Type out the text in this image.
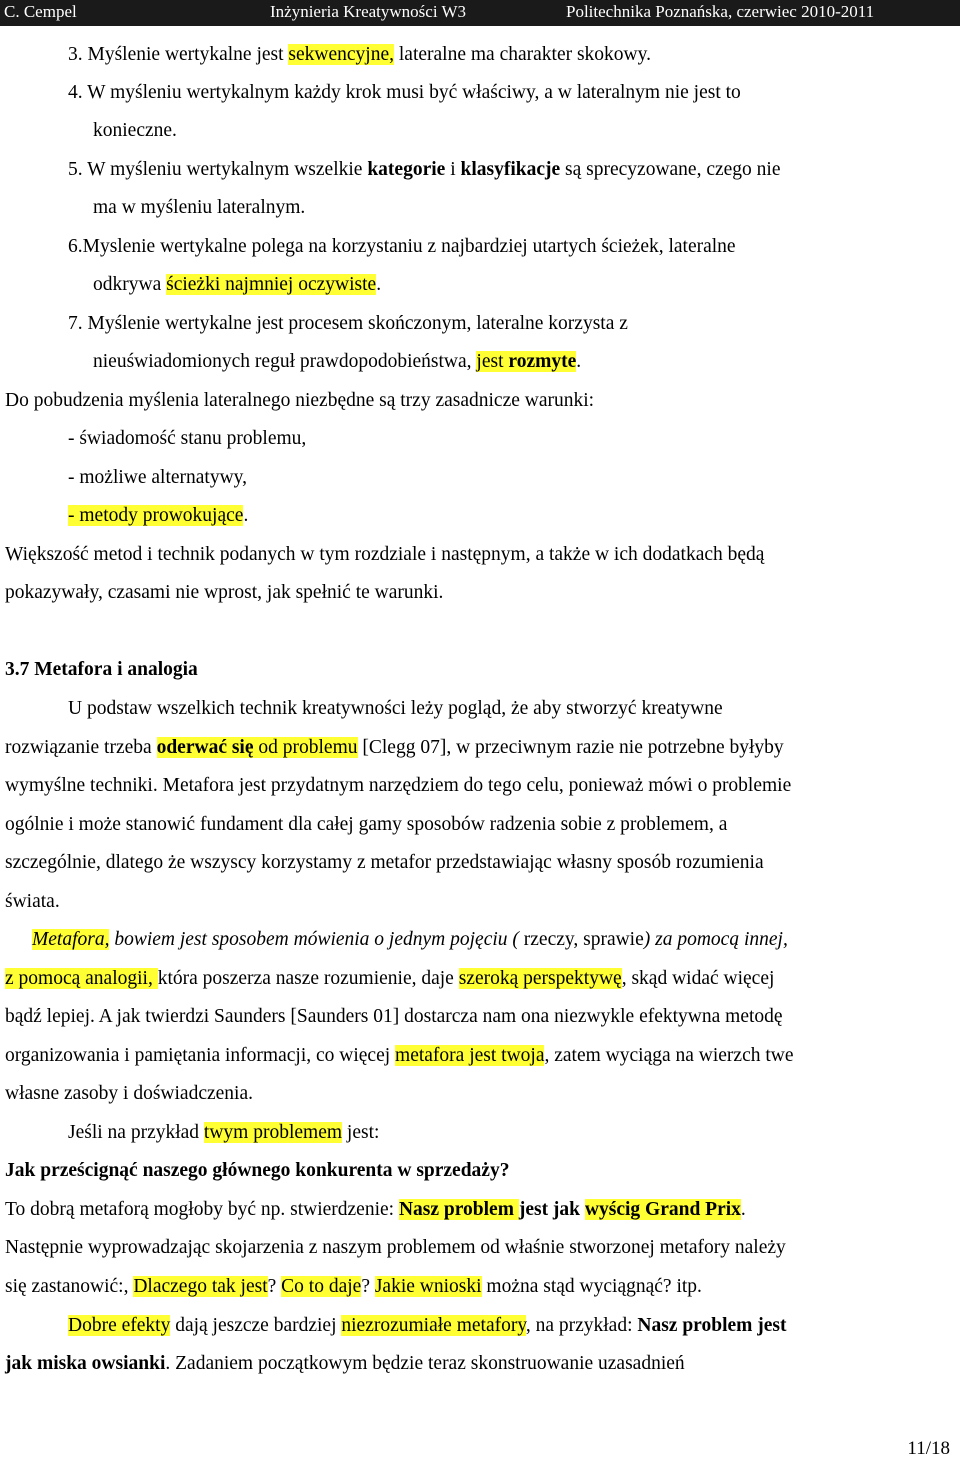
C. Cempel	Inżynieria Kreatywności W3	Politechnika Poznańska, czerwiec 2010-2011
3. Myślenie wertykalne jest sekwencyjne, lateralne ma charakter skokowy.
4. W myśleniu wertykalnym każdy krok musi być właściwy, a w lateralnym nie jest to
konieczne.
5. W myśleniu wertykalnym wszelkie kategorie i klasyfikacje są sprecyzowane, czego nie
ma w myśleniu lateralnym.
6.Myslenie wertykalne polega na korzystaniu z najbardziej utartych ścieżek, lateralne
odkrywa ścieżki najmniej oczywiste.
7. Myślenie wertykalne jest procesem skończonym, lateralne korzysta z
nieuświadomionych reguł prawdopodobieństwa, jest rozmyte.
Do pobudzenia myślenia lateralnego niezbędne są trzy zasadnicze warunki:
- świadomość stanu problemu,
- możliwe alternatywy,
- metody prowokujące.
Większość metod i technik podanych w tym rozdziale i następnym, a także w ich dodatkach będą
pokazywały, czasami nie wprost, jak spełnić te warunki.
3.7 Metafora i analogia
U podstaw wszelkich technik kreatywności leży pogląd, że aby stworzyć kreatywne
rozwiązanie trzeba oderwać się od problemu [Clegg 07], w przeciwnym razie nie potrzebne byłyby
wymyślne techniki. Metafora jest przydatnym narzędziem do tego celu, ponieważ mówi o problemie
ogólnie i może stanowić fundament dla całej gamy sposobów radzenia sobie z problemem, a
szczególnie, dlatego że wszyscy korzystamy z metafor przedstawiając własny sposób rozumienia
świata.
Metafora, bowiem jest sposobem mówienia o jednym pojęciu ( rzeczy, sprawie) za pomocą innej,
z pomocą analogii, która poszerza nasze rozumienie, daje szeroką perspektywę, skąd widać więcej
bądź lepiej. A jak twierdzi Saunders [Saunders 01] dostarcza nam ona niezwykle efektywna metodę
organizowania i pamiętania informacji, co więcej metafora jest twoja, zatem wyciąga na wierzch twe
własne zasoby i doświadczenia.
Jeśli na przykład twym problemem jest:
Jak prześcignąć naszego głównego konkurenta w sprzedaży?
To dobrą metaforą mogłoby być np. stwierdzenie: Nasz problem jest jak wyścig Grand Prix.
Następnie wyprowadzając skojarzenia z naszym problemem od właśnie stworzonej metafory należy
się zastanowić:, Dlaczego tak jest? Co to daje? Jakie wnioski można stąd wyciągnąć? itp.
Dobre efekty dają jeszcze bardziej niezrozumiałe metafory, na przykład: Nasz problem jest
jak miska owsianki. Zadaniem początkowym będzie teraz skonstruowanie uzasadnień
11/18
